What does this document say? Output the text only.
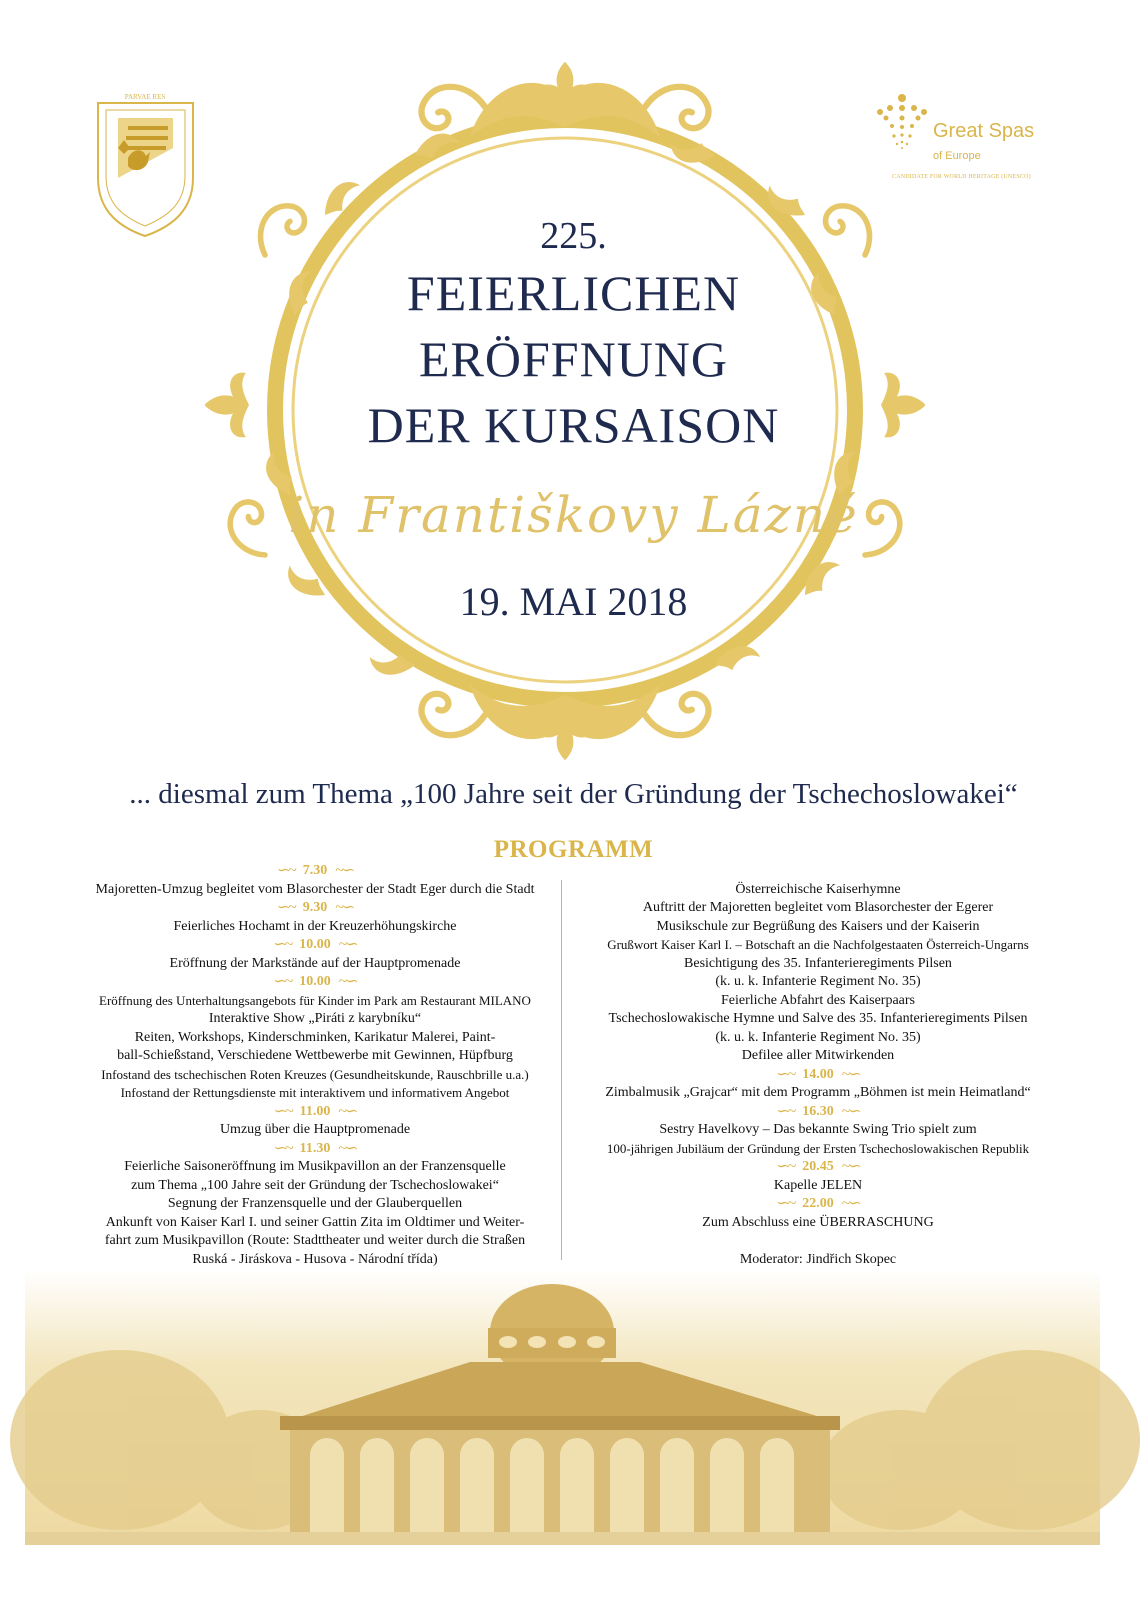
PARVAE RES
Great Spas
of Europe
CANDIDATE FOR WORLD HERITAGE (UNESCO)
225.
FEIERLICHEN
ERÖFFNUNG
DER KURSAISON
in Františkovy Lázně
19. MAI 2018
... diesmal zum Thema „100 Jahre seit der Gründung der Tschechoslowakei“
PROGRAMM
∽~ 7.30 ~∽
Majoretten-Umzug begleitet vom Blasorchester der Stadt Eger durch die Stadt
∽~ 9.30 ~∽
Feierliches Hochamt in der Kreuzerhöhungskirche
∽~ 10.00 ~∽
Eröffnung der Markstände auf der Hauptpromenade
∽~ 10.00 ~∽
Eröffnung des Unterhaltungsangebots für Kinder im Park am Restaurant MILANO
Interaktive Show „Piráti z karybníku“
Reiten, Workshops, Kinderschminken, Karikatur Malerei, Paint-
ball-Schießstand, Verschiedene Wettbewerbe mit Gewinnen, Hüpfburg
Infostand des tschechischen Roten Kreuzes (Gesundheitskunde, Rauschbrille u.a.)
Infostand der Rettungsdienste mit interaktivem und informativem Angebot
∽~ 11.00 ~∽
Umzug über die Hauptpromenade
∽~ 11.30 ~∽
Feierliche Saisoneröffnung im Musikpavillon an der Franzensquelle
zum Thema „100 Jahre seit der Gründung der Tschechoslowakei“
Segnung der Franzensquelle und der Glauberquellen
Ankunft von Kaiser Karl I. und seiner Gattin Zita im Oldtimer und Weiter-
fahrt zum Musikpavillon (Route: Stadttheater und weiter durch die Straßen
Ruská - Jiráskova - Husova - Národní třída)
Österreichische Kaiserhymne
Auftritt der Majoretten begleitet vom Blasorchester der Egerer
Musikschule zur Begrüßung des Kaisers und der Kaiserin
Grußwort Kaiser Karl I. – Botschaft an die Nachfolgestaaten Österreich-Ungarns
Besichtigung des 35. Infanterieregiments Pilsen
(k. u. k. Infanterie Regiment No. 35)
Feierliche Abfahrt des Kaiserpaars
Tschechoslowakische Hymne und Salve des 35. Infanterieregiments Pilsen
(k. u. k. Infanterie Regiment No. 35)
Defilee aller Mitwirkenden
∽~ 14.00 ~∽
Zimbalmusik „Grajcar“ mit dem Programm „Böhmen ist mein Heimatland“
∽~ 16.30 ~∽
Sestry Havelkovy – Das bekannte Swing Trio spielt zum
100-jährigen Jubiläum der Gründung der Ersten Tschechoslowakischen Republik
∽~ 20.45 ~∽
Kapelle JELEN
∽~ 22.00 ~∽
Zum Abschluss eine ÜBERRASCHUNG
Moderator: Jindřich Skopec
